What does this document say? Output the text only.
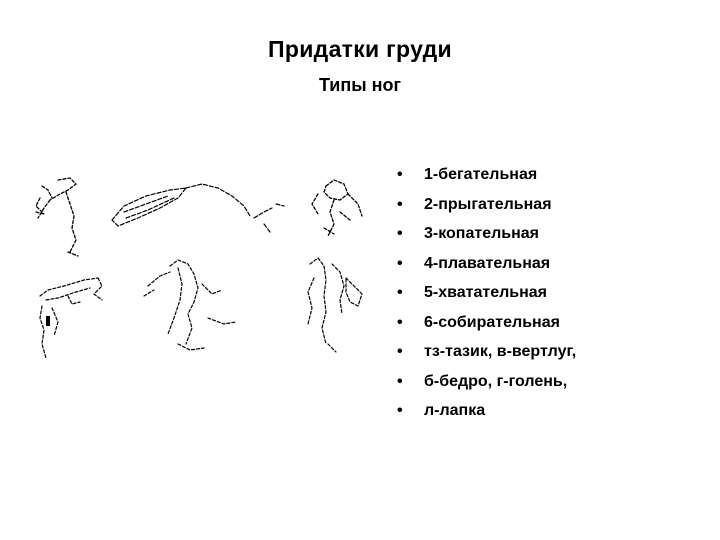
Придатки груди
Типы ног
• 1-бегательная
• 2-прыгательная
• 3-копательная
• 4-плавательная
• 5-хватательная
• 6-собирательная
• тз-тазик, в-вертлуг,
• б-бедро, г-голень,
• л-лапка
